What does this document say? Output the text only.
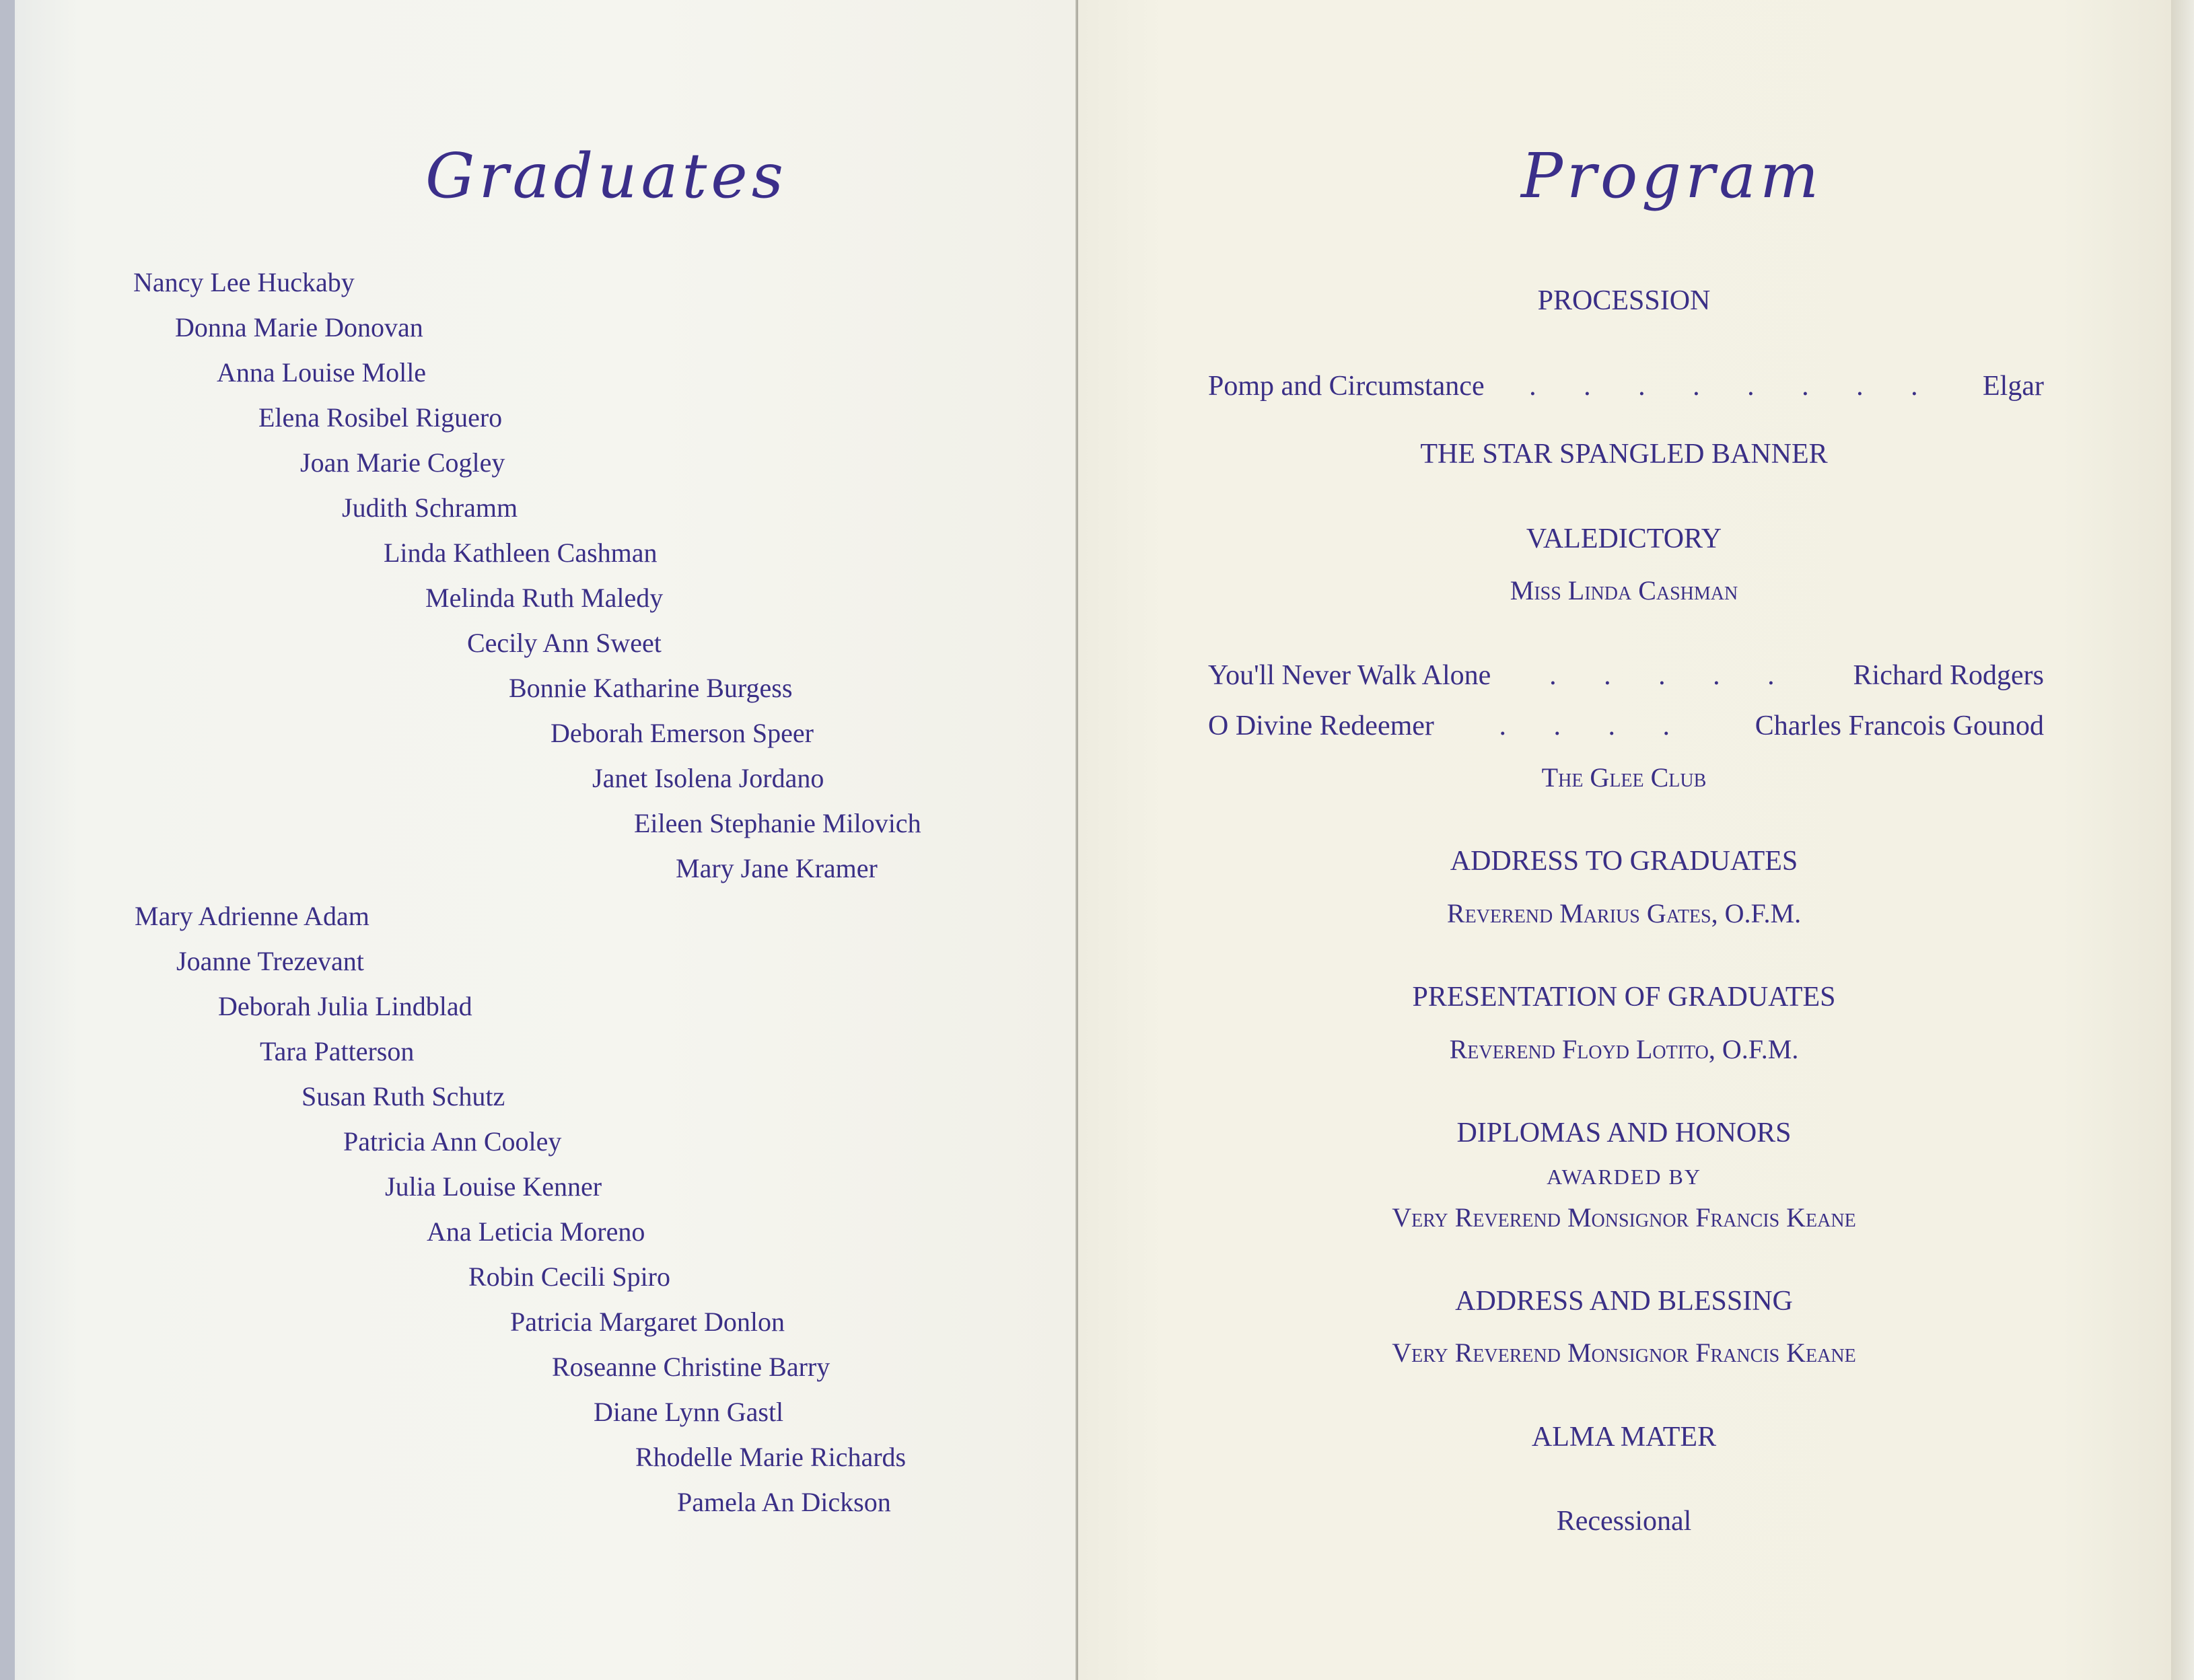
Graduates

Nancy Lee Huckaby

Donna Marie Donovan

Anna Louise Molle

Elena Rosibel Riguero

Joan Marie Cogley

Judith Schramm

Linda Kathleen Cashman

Melinda Ruth Maledy

Cecily Ann Sweet

Bonnie Katharine Burgess

Deborah Emerson Speer

Janet Isolena Jordano

Eileen Stephanie Milovich

Mary Jane Kramer

Mary Adrienne Adam

Joanne Trezevant

Deborah Julia Lindblad

Tara Patterson

Susan Ruth Schutz

Patricia Ann Cooley

Julia Louise Kenner

Ana Leticia Moreno

Robin Cecili Spiro

Patricia Margaret Donlon

Roseanne Christine Barry

Diane Lynn Gastl

Rhodelle Marie Richards

Pamela An Dickson

Program

PROCESSION

Pomp and Circumstance . . . . . . . . Elgar

THE STAR SPANGLED BANNER

VALEDICTORY

Miss Linda Cashman

You'll Never Walk Alone . . . . . Richard Rodgers
O Divine Redeemer . . . . Charles Francois Gounod

The Glee Club

ADDRESS TO GRADUATES

Reverend Marius Gates, O.F.M.

PRESENTATION OF GRADUATES

Reverend Floyd Lotito, O.F.M.

DIPLOMAS AND HONORS

AWARDED BY

Very Reverend Monsignor Francis Keane

ADDRESS AND BLESSING

Very Reverend Monsignor Francis Keane

ALMA MATER

Recessional
